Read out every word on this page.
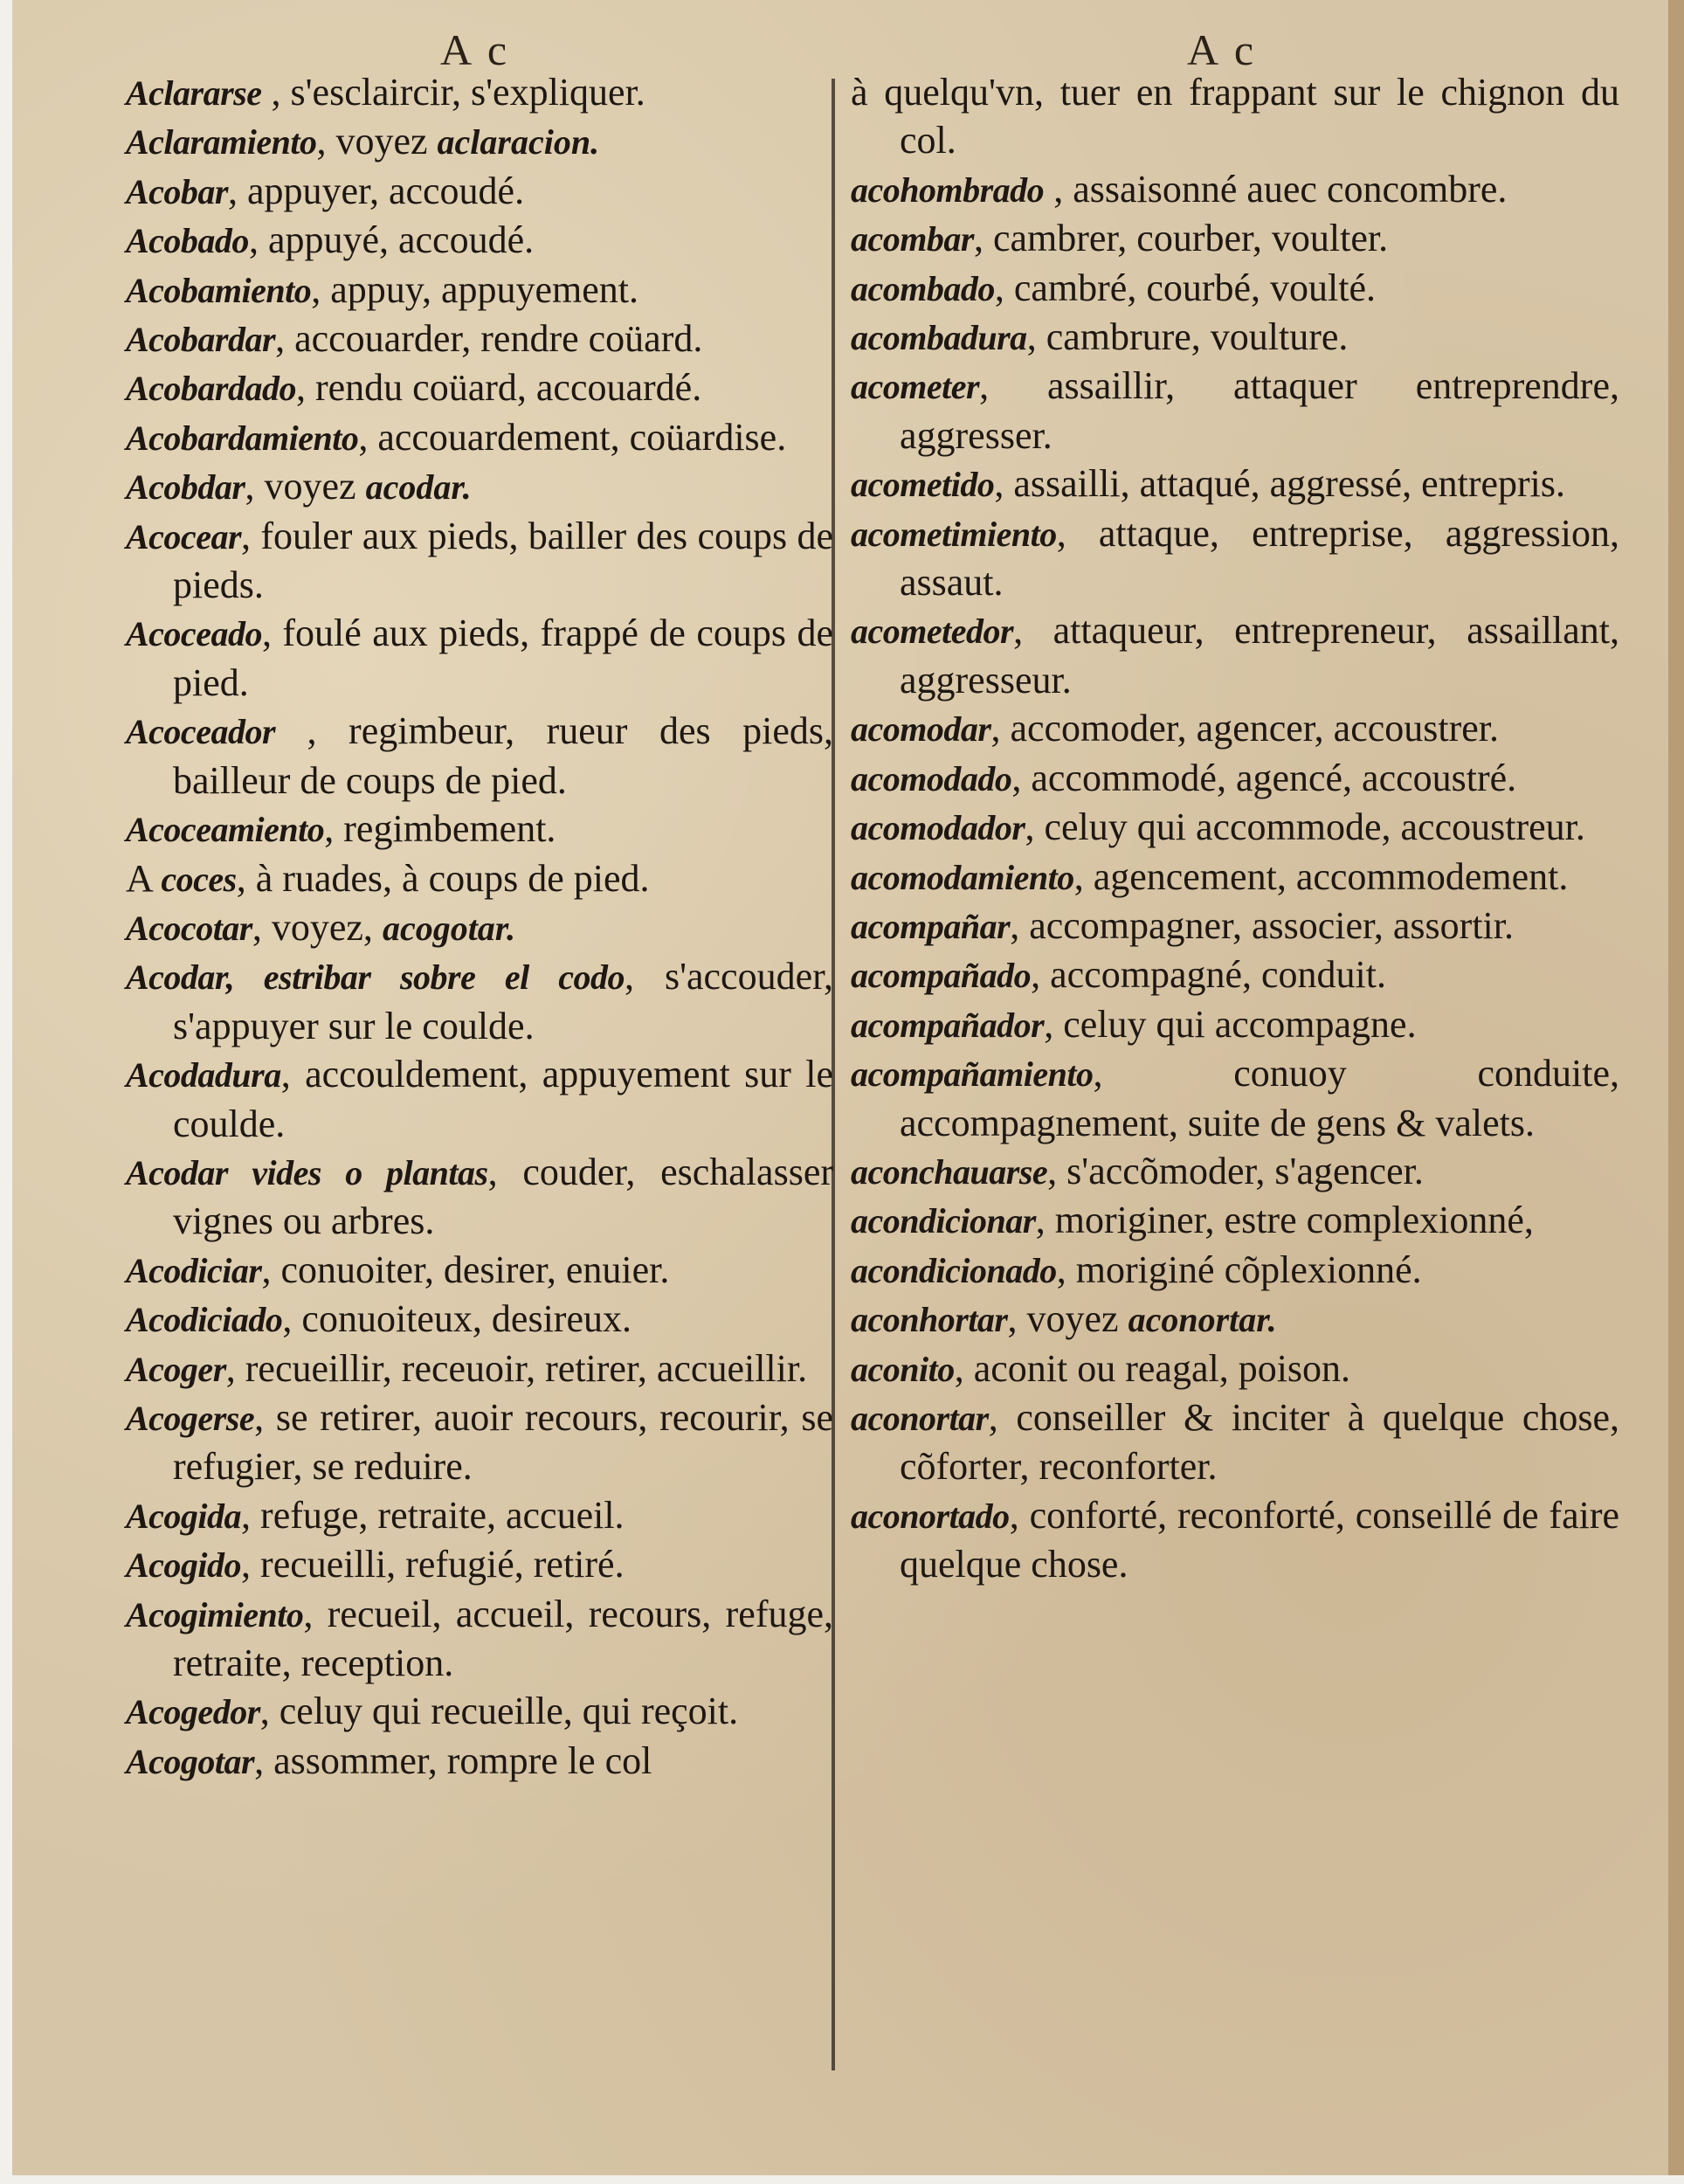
A c	A c

Aclararse , s'esclaircir, s'expliquer.

Aclaramiento, voyez aclaracion.

Acobar, appuyer, accoudé.

Acobado, appuyé, accoudé.

Acobamiento, appuy, appuyement.

Acobardar, accouarder, rendre coüard.

Acobardado, rendu coüard, accouardé.

Acobardamiento, accouardement, coüardise.

Acobdar, voyez acodar.

Acocear, fouler aux pieds, bailler des coups de pieds.

Acoceado, foulé aux pieds, frappé de coups de pied.

Acoceador , regimbeur, rueur des pieds, bailleur de coups de pied.

Acoceamiento, regimbement.

A coces, à ruades, à coups de pied.

Acocotar, voyez, acogotar.

Acodar, estribar sobre el codo, s'accouder, s'appuyer sur le coulde.

Acodadura, accouldement, appuyement sur le coulde.

Acodar vides o plantas, couder, eschalasser vignes ou arbres.

Acodiciar, conuoiter, desirer, enuier.

Acodiciado, conuoiteux, desireux.

Acoger, recueillir, receuoir, retirer, accueillir.

Acogerse, se retirer, auoir recours, recourir, se refugier, se reduire.

Acogida, refuge, retraite, accueil.

Acogido, recueilli, refugié, retiré.

Acogimiento, recueil, accueil, recours, refuge, retraite, reception.

Acogedor, celuy qui recueille, qui reçoit.

Acogotar, assommer, rompre le col

à quelqu'vn, tuer en frappant sur le chignon du col.

acohombrado , assaisonné auec concombre.

acombar, cambrer, courber, voulter.

acombado, cambré, courbé, voulté.

acombadura, cambrure, voulture.

acometer, assaillir, attaquer entreprendre, aggresser.

acometido, assailli, attaqué, aggressé, entrepris.

acometimiento, attaque, entreprise, aggression, assaut.

acometedor, attaqueur, entrepreneur, assaillant, aggresseur.

acomodar, accomoder, agencer, accoustrer.

acomodado, accommodé, agencé, accoustré.

acomodador, celuy qui accommode, accoustreur.

acomodamiento, agencement, accommodement.

acompañar, accompagner, associer, assortir.

acompañado, accompagné, conduit.

acompañador, celuy qui accompagne.

acompañamiento, conuoy conduite, accompagnement, suite de gens & valets.

aconchauarse, s'accõmoder, s'agencer.

acondicionar, moriginer, estre complexionné,

acondicionado, moriginé cõplexionné.

aconhortar, voyez aconortar.

aconito, aconit ou reagal, poison.

aconortar, conseiller & inciter à quelque chose, cõforter, reconforter.

aconortado, conforté, reconforté, conseillé de faire quelque chose.
